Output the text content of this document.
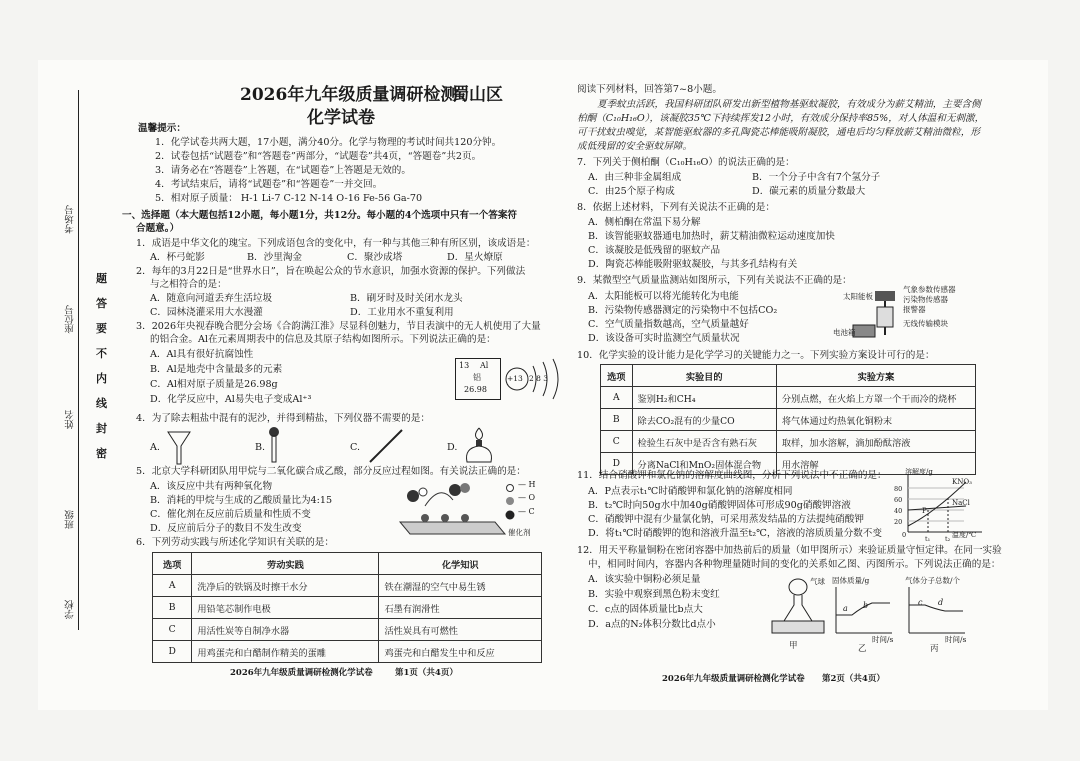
考场号
座位号
姓名
班级
学校
题
答
要
不
内
线
封
密
2026年九年级质量调研检测
蜀山区
化学试卷
温馨提示：
1．化学试卷共两大题，17小题，满分40分。化学与物理的考试时间共120分钟。
2．试卷包括“试题卷”和“答题卷”两部分，“试题卷”共4页，“答题卷”共2页。
3．请务必在“答题卷”上答题，在“试题卷”上答题是无效的。
4．考试结束后，请将“试题卷”和“答题卷”一并交回。
5．相对原子质量： H-1 Li-7 C-12 N-14 O-16 Fe-56 Ga-70
一、选择题（本大题包括12小题，每小题1分，共12分。每小题的4个选项中只有一个答案符
合题意。）
1．成语是中华文化的瑰宝。下列成语包含的变化中，有一种与其他三种有所区别，该成语是：
A．杯弓蛇影	B．沙里淘金	C．聚沙成塔	D．星火燎原
2．每年的3月22日是“世界水日”，旨在唤起公众的节水意识，加强水资源的保护。下列做法
与之相符合的是：
A．随意向河道丢弃生活垃圾	B．刷牙时及时关闭水龙头
C．园林浇灌采用大水漫灌	D．工业用水不重复利用
3．2026年央视春晚合肥分会场《合韵满江淮》尽显科创魅力，节目表演中的无人机使用了大量
的铝合金。Al在元素周期表中的信息及其原子结构如图所示。下列说法正确的是：
A．Al具有很好抗腐蚀性
B．Al是地壳中含量最多的元素
C．Al相对原子质量是26.98g
D．化学反应中，Al易失电子变成Al⁺³
13 Al
铝
26.98
+13 2 8 3
4．为了除去粗盐中混有的泥沙，并得到精盐，下列仪器不需要的是：
A.	B.	C.	D.
5．北京大学科研团队用甲烷与二氧化碳合成乙酸，部分反应过程如图。有关说法正确的是：
A．该反应中共有两种氧化物
B．消耗的甲烷与生成的乙酸质量比为4:15
C．催化剂在反应前后质量和性质不变
D．反应前后分子的数目不发生改变
— H
— O
— C
催化剂
6．下列劳动实践与所述化学知识有关联的是：
选项	劳动实践	化学知识
A	洗净后的铁锅及时擦干水分	铁在潮湿的空气中易生锈
B	用铅笔芯制作电极	石墨有润滑性
C	用活性炭等自制净水器	活性炭具有可燃性
D	用鸡蛋壳和白醋制作精美的蛋雕	鸡蛋壳和白醋发生中和反应
2026年九年级质量调研检测化学试卷	第1页（共4页）
阅读下列材料，回答第7~8小题。
夏季蚊虫活跃，我国科研团队研发出新型植物基驱蚊凝胶，有效成分为薪艾精油，主要含侧
柏酮（C₁₀H₁₆O），该凝胶35℃下持续挥发12小时，有效成分保持率85%，对人体温和无刺激，
可干扰蚊虫嗅觉，某智能驱蚊器的多孔陶瓷芯棒能吸附凝胶，通电后均匀释放薪艾精油微粒，形
成低残留的安全驱蚊屏障。
7．下列关于侧柏酮（C₁₀H₁₆O）的说法正确的是：
A．由三种非金属组成	B．一个分子中含有7个氢分子
C．由25个原子构成	D．碳元素的质量分数最大
8．依据上述材料，下列有关说法不正确的是：
A．侧柏酮在常温下易分解
B．该智能驱蚊器通电加热时，薪艾精油微粒运动速度加快
C．该凝胶是低残留的驱蚊产品
D．陶瓷芯棒能吸附驱蚊凝胶，与其多孔结构有关
9．某微型空气质量监测站如图所示，下列有关说法不正确的是：
A．太阳能板可以将光能转化为电能
B．污染物传感器测定的污染物中不包括CO₂
C．空气质量指数越高，空气质量越好
D．该设备可实时监测空气质量状况
太阳能板
气象参数传感器
污染物传感器
报警器
无线传输模块
电池箱
10．化学实验的设计能力是化学学习的关键能力之一。下列实验方案设计可行的是：
选项	实验目的	实验方案
A	鉴别H₂和CH₄	分别点燃，在火焰上方罩一个干而冷的烧杯
B	除去CO₂混有的少量CO	将气体通过灼热氧化铜粉末
C	检验生石灰中是否含有熟石灰	取样，加水溶解，滴加酚酞溶液
D	分离NaCl和MnO₂固体混合物	用水溶解
11．结合硝酸钾和氯化钠的溶解度曲线图，分析下列说法中不正确的是：
A．P点表示t₁℃时硝酸钾和氯化钠的溶解度相同
B．t₂℃时向50g水中加40g硝酸钾固体可形成90g硝酸钾溶液
C．硝酸钾中混有少量氯化钠，可采用蒸发结晶的方法提纯硝酸钾
D．将t₁℃时硝酸钾的饱和溶液升温至t₂℃，溶液的溶质质量分数不变
溶解度/g
KNO₃
NaCl
80
60
40
20
0
P
t₁ t₂ 温度/℃
12．用天平称量铜粉在密闭容器中加热前后的质量（如甲图所示）来验证质量守恒定律。在同一实验
中，相同时间内，容器内各种物理量随时间的变化的关系如乙图、丙图所示。下列说法正确的是：
A．该实验中铜粉必须足量
B．实验中观察到黑色粉末变红
C．c点的固体质量比b点大
D．a点的N₂体积分数比d点小
气球
甲
固体质量/g
a b
时间/s
乙
气体分子总数/个
c d
时间/s
丙
2026年九年级质量调研检测化学试卷 第2页（共4页）
